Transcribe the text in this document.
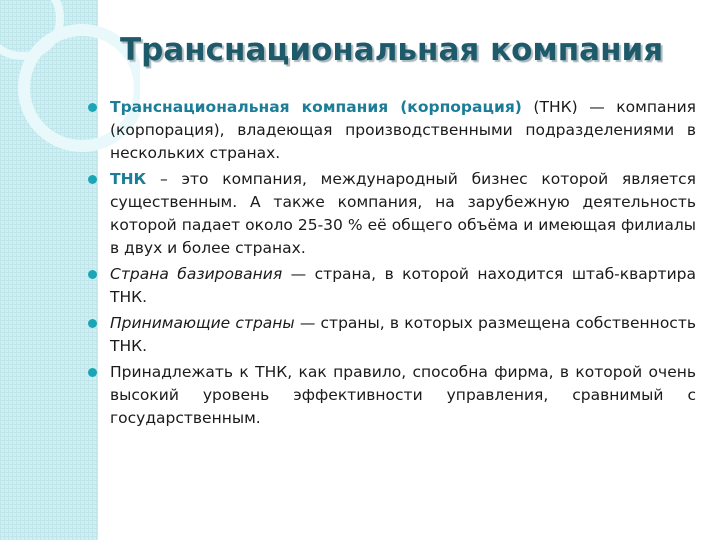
Транснациональная компания
Транснациональная компания (корпорация) (ТНК) — компания (корпорация), владеющая производственными подразделениями в нескольких странах.
ТНК – это компания, международный бизнес которой является существенным. А также компания, на зарубежную деятельность которой падает около 25-30 % её общего объёма и имеющая филиалы в двух и более странах.
Страна базирования — страна, в которой находится штаб-квартира ТНК.
Принимающие страны — страны, в которых размещена собственность ТНК.
Принадлежать к ТНК, как правило, способна фирма, в которой очень высокий уровень эффективности управления, сравнимый с государственным.
